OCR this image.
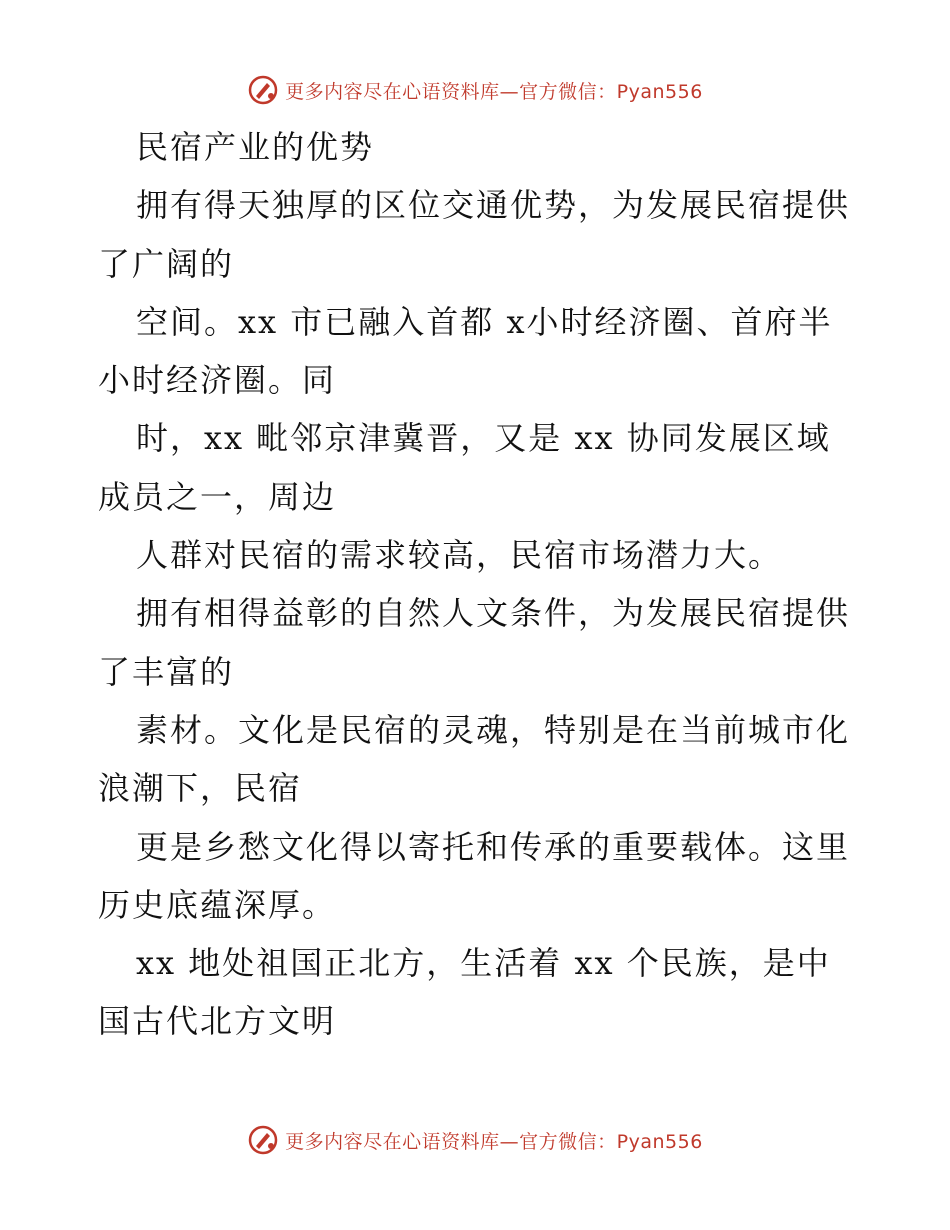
更多内容尽在心语资料库—官方微信：Pyan556
民宿产业的优势
拥有得天独厚的区位交通优势，为发展民宿提供
了广阔的
空间。xx 市已融入首都 x小时经济圈、首府半
小时经济圈。同
时，xx 毗邻京津冀晋，又是 xx 协同发展区域
成员之一，周边
人群对民宿的需求较高，民宿市场潜力大。
拥有相得益彰的自然人文条件，为发展民宿提供
了丰富的
素材。文化是民宿的灵魂，特别是在当前城市化
浪潮下，民宿
更是乡愁文化得以寄托和传承的重要载体。这里
历史底蕴深厚。
xx 地处祖国正北方，生活着 xx 个民族，是中
国古代北方文明
更多内容尽在心语资料库—官方微信：Pyan556
